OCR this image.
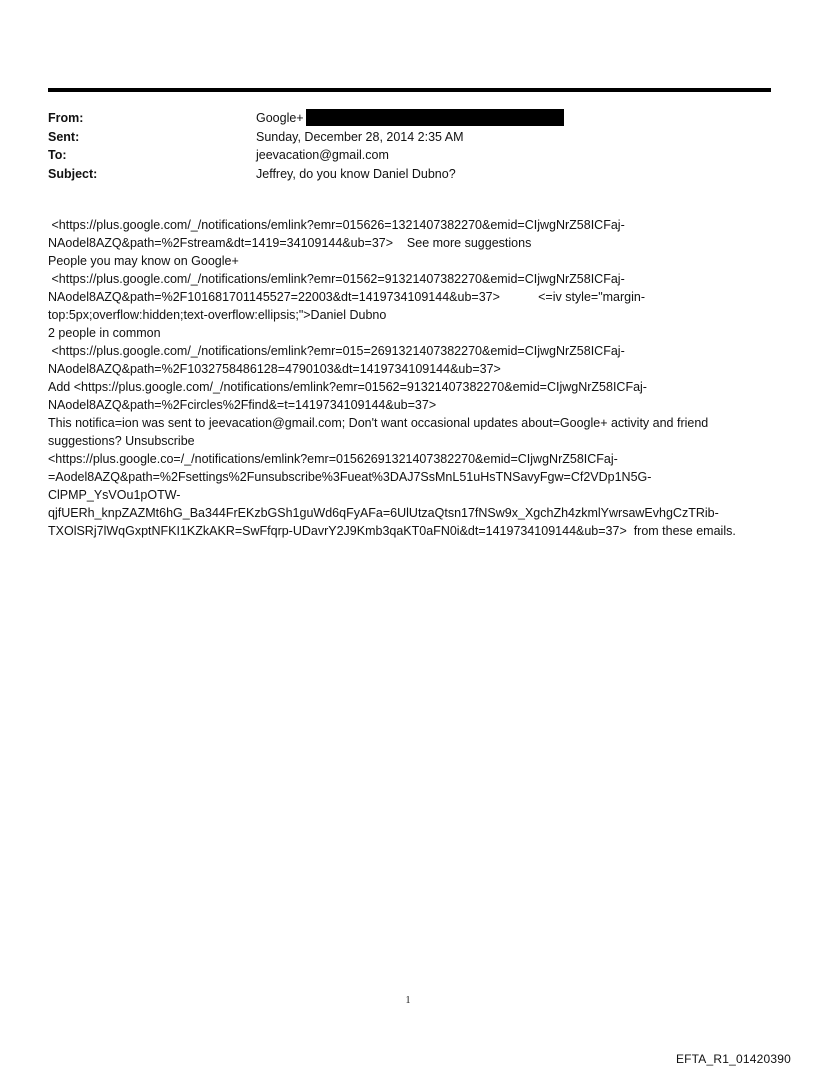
From:	Google+
Sent:	Sunday, December 28, 2014 2:35 AM
To:	jeevacation@gmail.com
Subject:	Jeffrey, do you know Daniel Dubno?
<https://plus.google.com/_/notifications/emlink?emr=015626=1321407382270&emid=CIjwgNrZ58ICFaj-
NAodel8AZQ&path=%2Fstream&dt=1419=34109144&ub=37>    See more suggestions
People you may know on Google+
<https://plus.google.com/_/notifications/emlink?emr=01562=91321407382270&emid=CIjwgNrZ58ICFaj-
NAodel8AZQ&path=%2F101681701145527=22003&dt=1419734109144&ub=37>           <=iv style="margin-
top:5px;overflow:hidden;text-overflow:ellipsis;">Daniel Dubno
2 people in common
<https://plus.google.com/_/notifications/emlink?emr=015=2691321407382270&emid=CIjwgNrZ58ICFaj-
NAodel8AZQ&path=%2F1032758486128=4790103&dt=1419734109144&ub=37>
Add <https://plus.google.com/_/notifications/emlink?emr=01562=91321407382270&emid=CIjwgNrZ58ICFaj-
NAodel8AZQ&path=%2Fcircles%2Ffind&=t=1419734109144&ub=37>
This notifica=ion was sent to jeevacation@gmail.com; Don't want occasional updates about=Google+ activity and friend
suggestions? Unsubscribe
<https://plus.google.co=/_/notifications/emlink?emr=01562691321407382270&emid=CIjwgNrZ58ICFaj-
=Aodel8AZQ&path=%2Fsettings%2Funsubscribe%3Fueat%3DAJ7SsMnL51uHsTNSavyFgw=Cf2VDp1N5G-
ClPMP_YsVOu1pOTW-
qjfUERh_knpZAZMt6hG_Ba344FrEKzbGSh1guWd6qFyAFa=6UlUtzaQtsn17fNSw9x_XgchZh4zkmlYwrsawEvhgCzTRib-
TXOlSRj7lWqGxptNFKI1KZkAKR=SwFfqrp-UDavrY2J9Kmb3qaKT0aFN0i&dt=1419734109144&ub=37>  from these emails.
1
EFTA_R1_01420390
